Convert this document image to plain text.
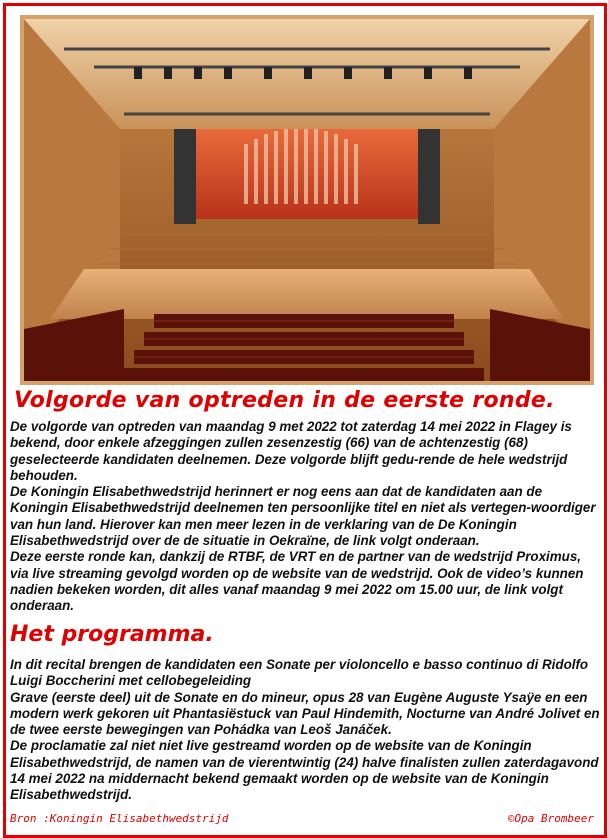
Volgorde van optreden in de eerste ronde.

De volgorde van optreden van maandag 9 met 2022 tot zaterdag 14 mei 2022 in Flagey is bekend, door enkele afzeggingen zullen zesenzestig (66) van de achtenzestig (68) geselecteerde kandidaten deelnemen. Deze volgorde blijft gedu-rende de hele wedstrijd behouden.

De Koningin Elisabethwedstrijd herinnert er nog eens aan dat de kandidaten aan de Koningin Elisabethwedstrijd deelnemen ten persoonlijke titel en niet als vertegen-woordiger van hun land. Hierover kan men meer lezen in de verklaring van de De Koningin Elisabethwedstrijd over de de situatie in Oekraïne, de link volgt onderaan.

Deze eerste ronde kan, dankzij de RTBF, de VRT en de partner van de wedstrijd Proximus, via live streaming gevolgd worden op de website van de wedstrijd. Ook de video’s kunnen nadien bekeken worden, dit alles vanaf maandag 9 mei 2022 om 15.00 uur, de link volgt onderaan.

Het programma.

In dit recital brengen de kandidaten een Sonate per violoncello e basso continuo di Ridolfo Luigi Boccherini met cellobegeleiding

Grave (eerste deel) uit de Sonate en do mineur, opus 28 van Eugène Auguste Ysaÿe en een modern werk gekoren uit Phantasiëstuck van Paul Hindemith, Nocturne van André Jolivet en de twee eerste bewegingen van Pohádka van Leoš Janáček.

De proclamatie zal niet niet live gestreamd worden op de website van de Koningin Elisabethwedstrijd, de namen van de vierentwintig (24) halve finalisten zullen zaterdagavond 14 mei 2022 na middernacht bekend gemaakt worden op de website van de Koningin Elisabethwedstrijd.

Bron :Koningin Elisabethwedstrijd	©Opa Brombeer
